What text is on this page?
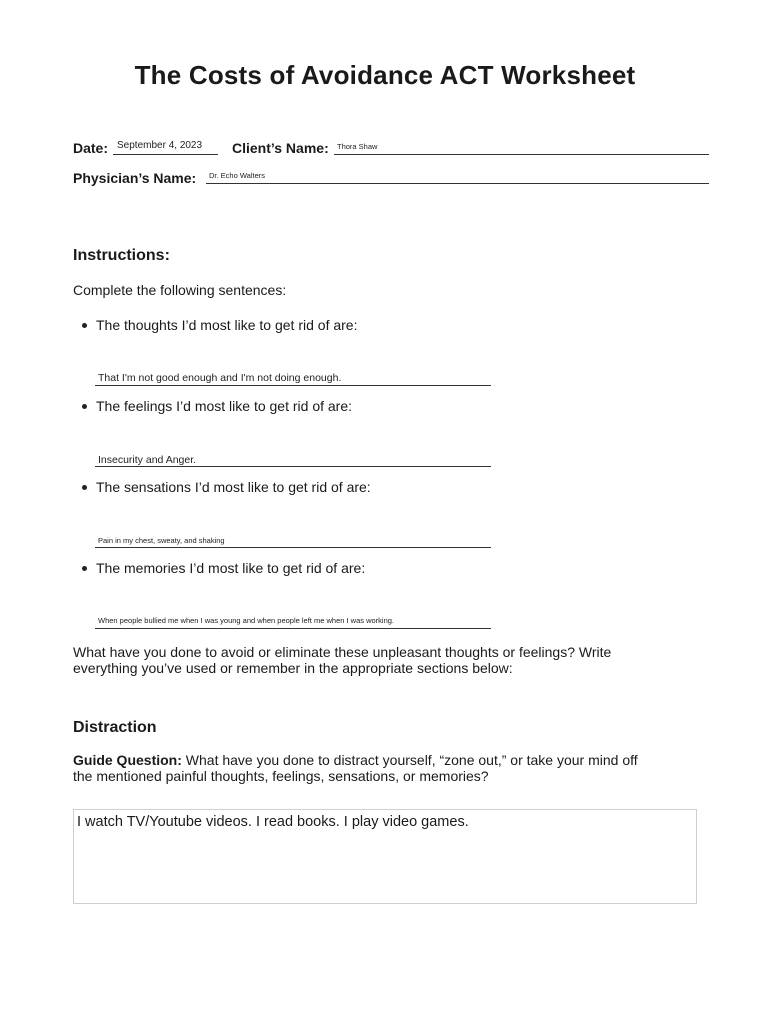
The Costs of Avoidance ACT Worksheet
Date: September 4, 2023 Client’s Name: Thora Shaw
Physician’s Name: Dr. Echo Walters
Instructions:
Complete the following sentences:
The thoughts I’d most like to get rid of are:
That I'm not good enough and I'm not doing enough.
The feelings I’d most like to get rid of are:
Insecurity and Anger.
The sensations I’d most like to get rid of are:
Pain in my chest, sweaty, and shaking
The memories I’d most like to get rid of are:
When people bullied me when I was young and when people left me when I was working.
What have you done to avoid or eliminate these unpleasant thoughts or feelings? Write
everything you’ve used or remember in the appropriate sections below:
Distraction
Guide Question: What have you done to distract yourself, “zone out,” or take your mind off
the mentioned painful thoughts, feelings, sensations, or memories?
I watch TV/Youtube videos. I read books. I play video games.
